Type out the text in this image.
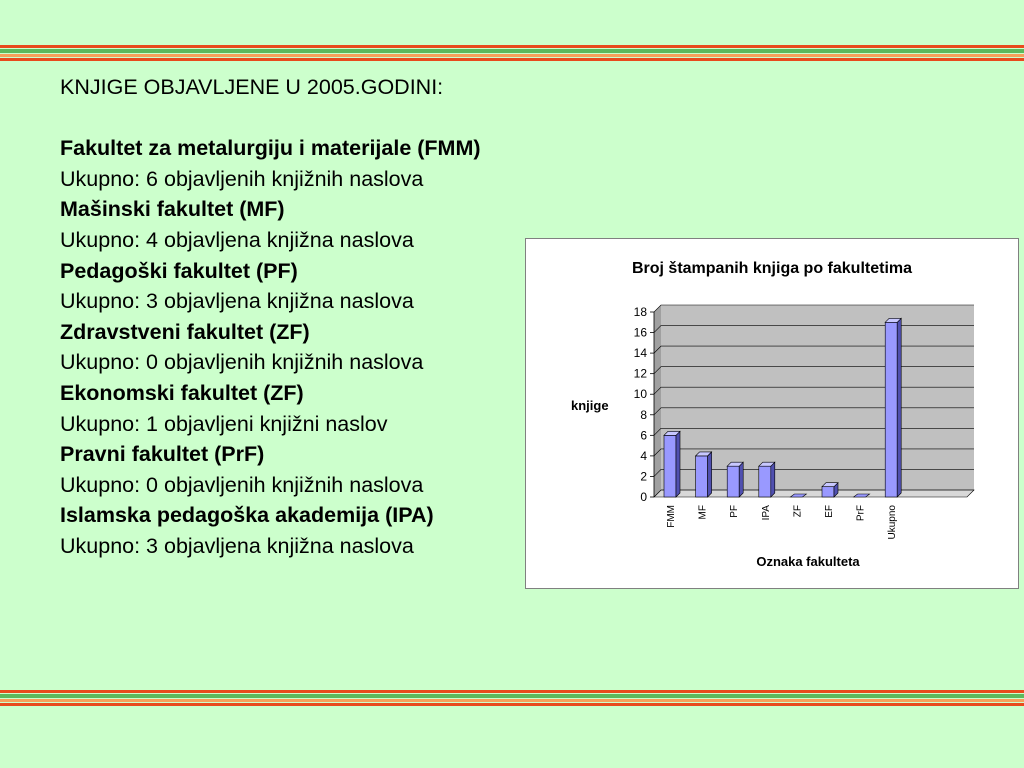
KNJIGE OBJAVLJENE U 2005.GODINI:
Fakultet za metalurgiju i materijale (FMM)
Ukupno: 6 objavljenih knjižnih naslova
Mašinski fakultet (MF)
Ukupno: 4 objavljena knjižna naslova
Pedagoški fakultet (PF)
Ukupno: 3 objavljena knjižna naslova
Zdravstveni fakultet (ZF)
Ukupno: 0 objavljenih knjižnih naslova
Ekonomski fakultet (ZF)
Ukupno: 1 objavljeni knjižni naslov
Pravni fakultet (PrF)
Ukupno: 0 objavljenih knjižnih naslova
Islamska pedagoška akademija (IPA)
Ukupno: 3 objavljena knjižna naslova
Broj štampanih knjiga po fakultetima
0
2
4
6
8
10
12
14
16
18
FMM MF PF IPA ZF EF PrF Ukupno
knjige
Oznaka fakulteta
